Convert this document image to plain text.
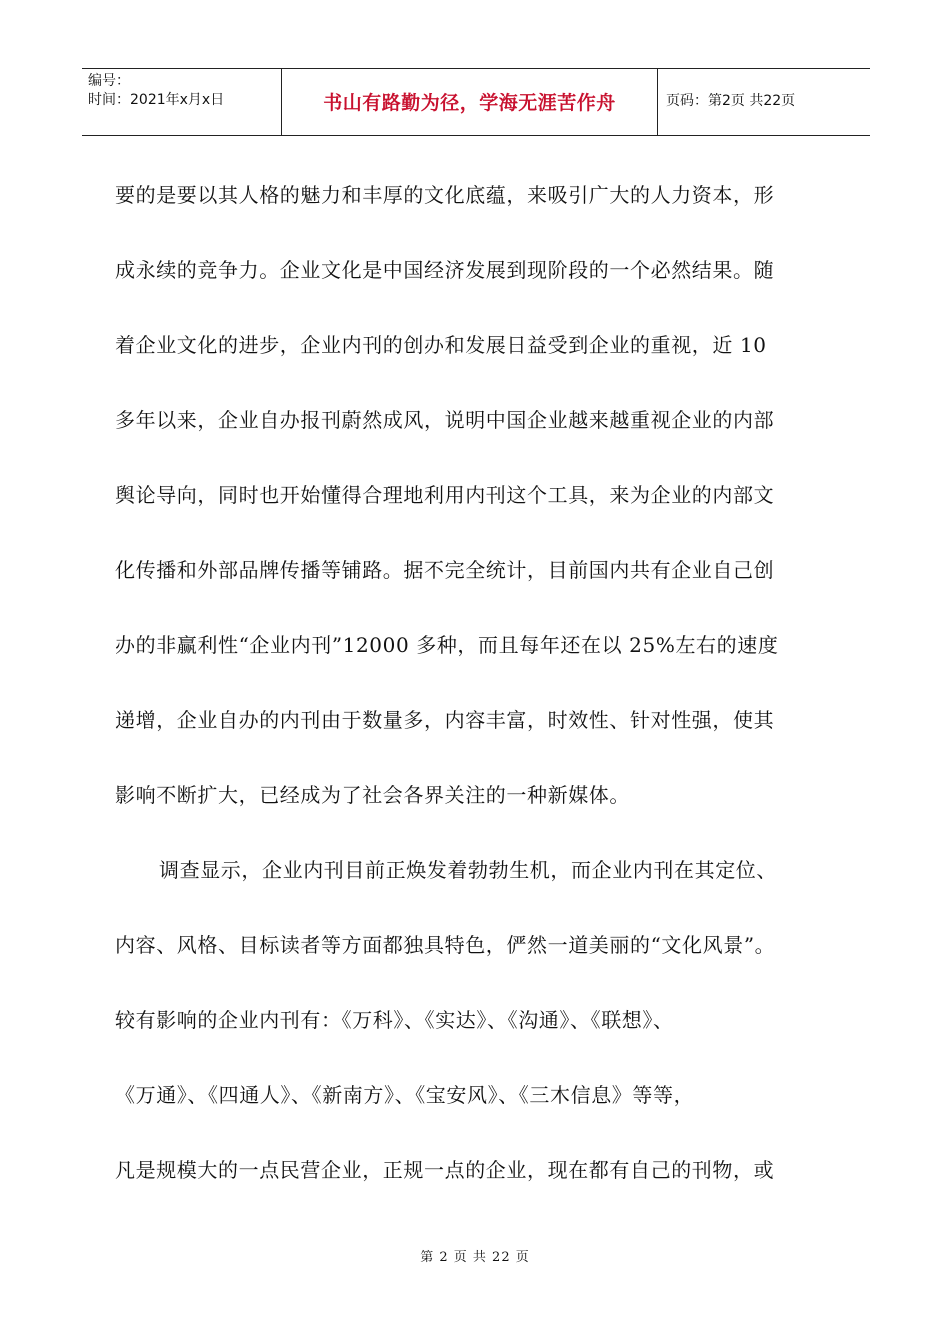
编号：
时间：2021年x月x日	书山有路勤为径，学海无涯苦作舟	页码：第2页 共22页
要的是要以其人格的魅力和丰厚的文化底蕴，来吸引广大的人力资本，形
成永续的竞争力。企业文化是中国经济发展到现阶段的一个必然结果。随
着企业文化的进步，企业内刊的创办和发展日益受到企业的重视，近 10
多年以来，企业自办报刊蔚然成风，说明中国企业越来越重视企业的内部
舆论导向，同时也开始懂得合理地利用内刊这个工具，来为企业的内部文
化传播和外部品牌传播等铺路。据不完全统计，目前国内共有企业自己创
办的非赢利性“企业内刊”12000 多种，而且每年还在以 25%左右的速度
递增，企业自办的内刊由于数量多，内容丰富，时效性、针对性强，使其
影响不断扩大，已经成为了社会各界关注的一种新媒体。
调查显示，企业内刊目前正焕发着勃勃生机，而企业内刊在其定位、
内容、风格、目标读者等方面都独具特色，俨然一道美丽的“文化风景”。
较有影响的企业内刊有：《万科》、《实达》、《沟通》、《联想》、
《万通》、《四通人》、《新南方》、《宝安风》、《三木信息》等等，
凡是规模大的一点民营企业，正规一点的企业，现在都有自己的刊物，或
第 2 页 共 22 页
